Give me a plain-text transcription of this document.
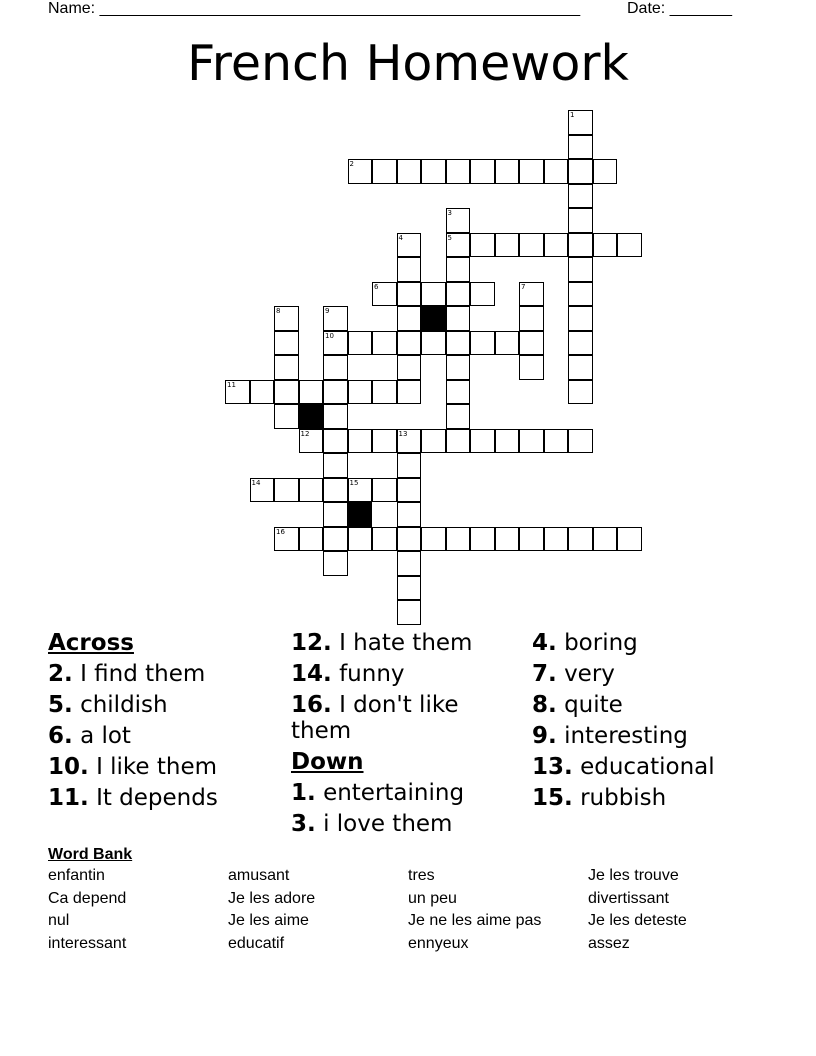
Name: ______________________________________________________	Date: _______
French Homework
1
2
3
5
4
6	7
8	9
10
11
12	13
14	15
16
Across
2. I find them
5. childish
6. a lot
10. I like them
11. It depends
12. I hate them
14. funny
16. I don't like them
Down
1. entertaining
3. i love them
4. boring
7. very
8. quite
9. interesting
13. educational
15. rubbish
Word Bank
enfantin	amusant	tres	Je les trouve
Ca depend	Je les adore	un peu	divertissant
nul	Je les aime	Je ne les aime pas	Je les deteste
interessant	educatif	ennyeux	assez
